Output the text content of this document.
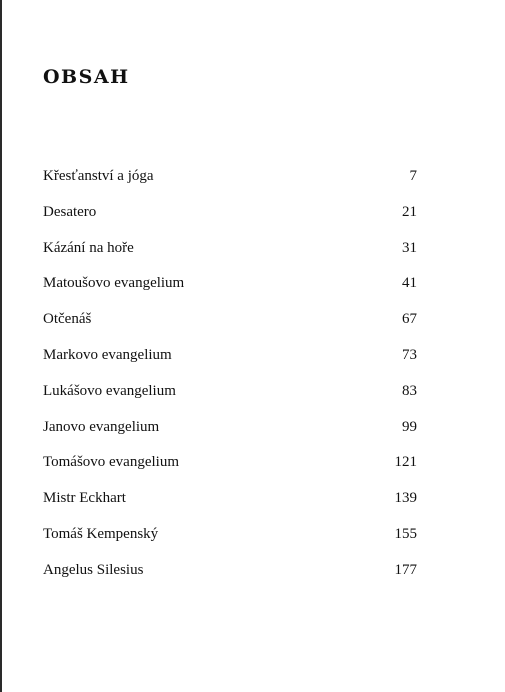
OBSAH
Křesťanství a jóga	7
Desatero	21
Kázání na hoře	31
Matoušovo evangelium	41
Otčenáš	67
Markovo evangelium	73
Lukášovo evangelium	83
Janovo evangelium	99
Tomášovo evangelium	121
Mistr Eckhart	139
Tomáš Kempenský	155
Angelus Silesius	177
